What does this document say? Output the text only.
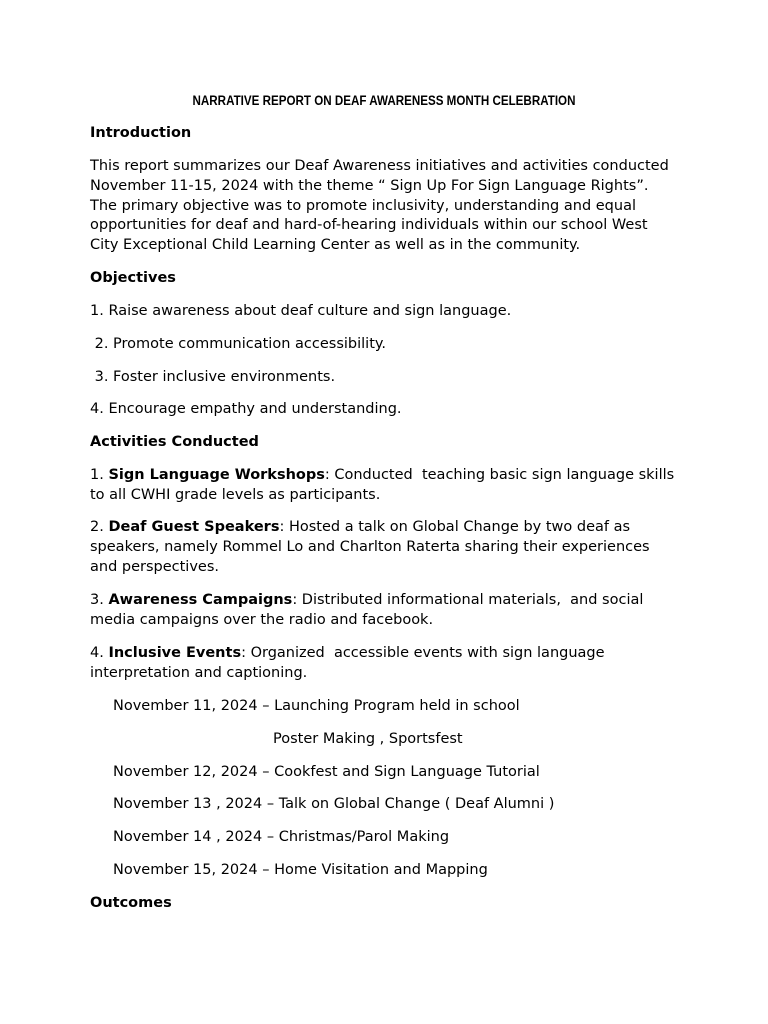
NARRATIVE REPORT ON DEAF AWARENESS MONTH CELEBRATION
Introduction
This report summarizes our Deaf Awareness initiatives and activities conducted
November 11-15, 2024 with the theme “ Sign Up For Sign Language Rights”.
The primary objective was to promote inclusivity, understanding and equal
opportunities for deaf and hard-of-hearing individuals within our school West
City Exceptional Child Learning Center as well as in the community.
Objectives
1. Raise awareness about deaf culture and sign language.
2. Promote communication accessibility.
3. Foster inclusive environments.
4. Encourage empathy and understanding.
Activities Conducted
1. Sign Language Workshops: Conducted  teaching basic sign language skills
to all CWHI grade levels as participants.
2. Deaf Guest Speakers: Hosted a talk on Global Change by two deaf as
speakers, namely Rommel Lo and Charlton Raterta sharing their experiences
and perspectives.
3. Awareness Campaigns: Distributed informational materials,  and social
media campaigns over the radio and facebook.
4. Inclusive Events: Organized  accessible events with sign language
interpretation and captioning.
November 11, 2024 – Launching Program held in school
Poster Making , Sportsfest
November 12, 2024 – Cookfest and Sign Language Tutorial
November 13 , 2024 – Talk on Global Change ( Deaf Alumni )
November 14 , 2024 – Christmas/Parol Making
November 15, 2024 – Home Visitation and Mapping
Outcomes
